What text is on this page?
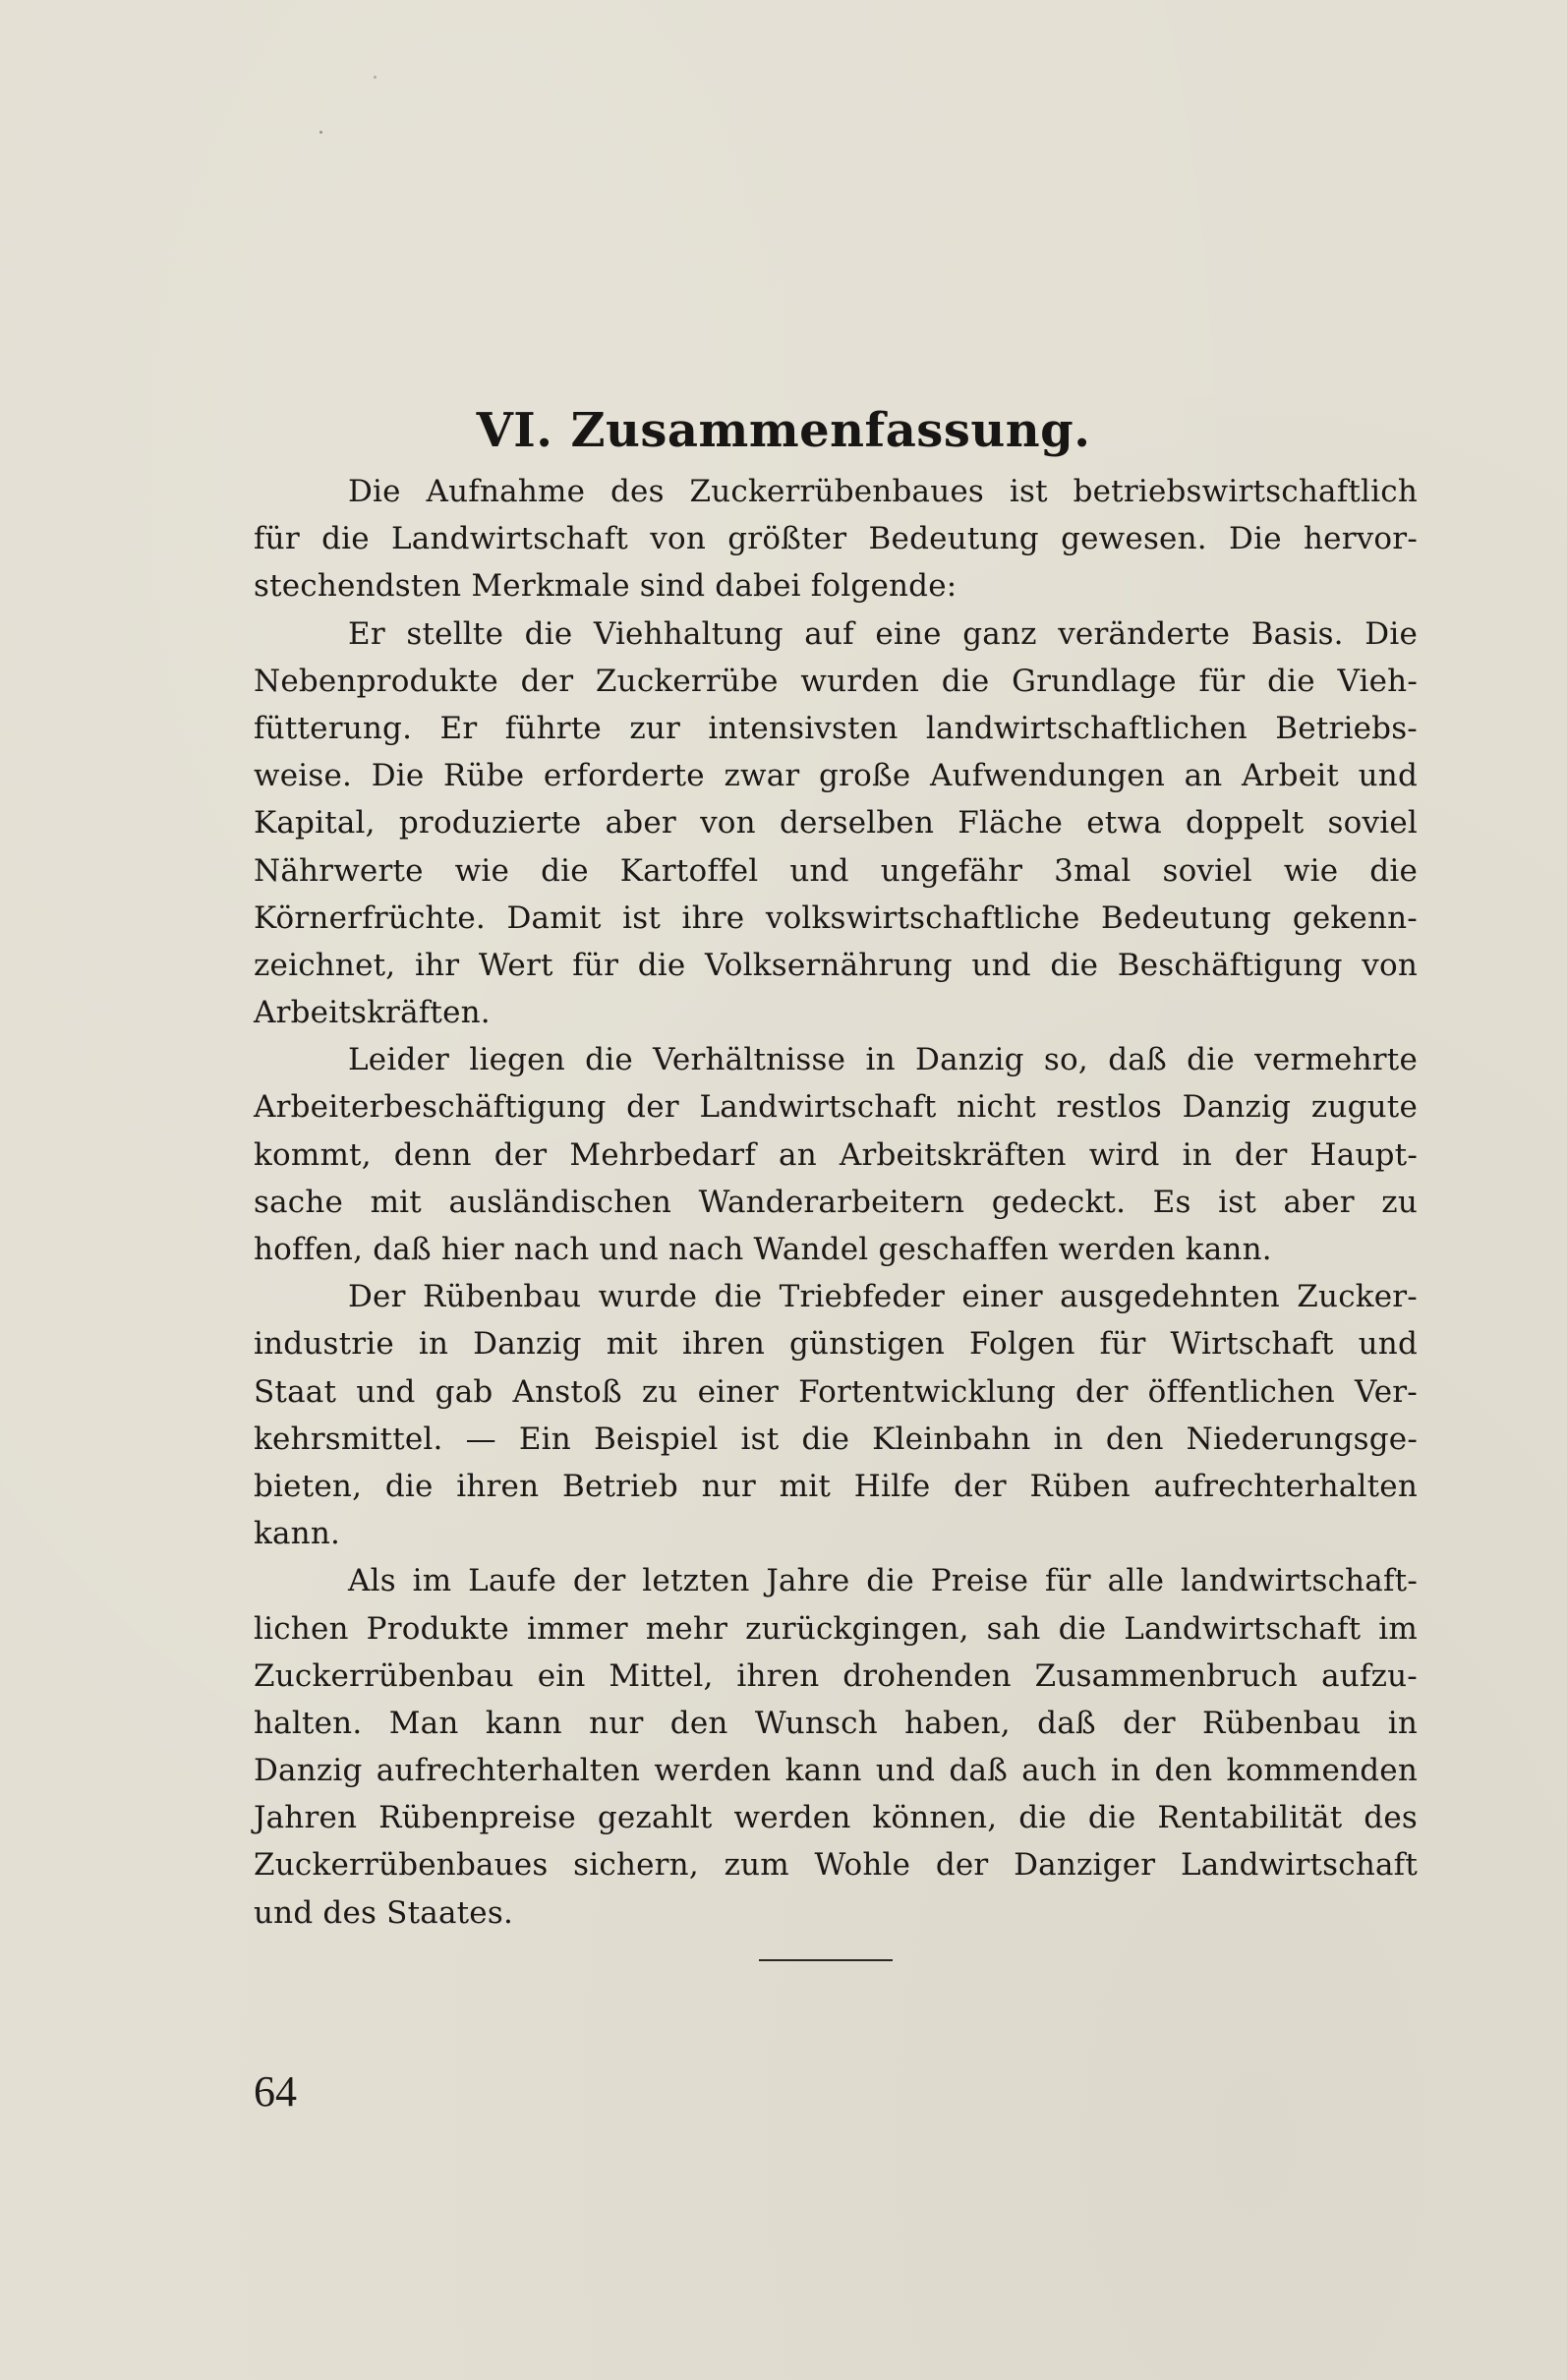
VI. Zusammenfassung.
Die Aufnahme des Zuckerrübenbaues ist betriebswirtschaftlich
für die Landwirtschaft von größter Bedeutung gewesen. Die hervor-
stechendsten Merkmale sind dabei folgende:
Er stellte die Viehhaltung auf eine ganz veränderte Basis. Die
Nebenprodukte der Zuckerrübe wurden die Grundlage für die Vieh-
fütterung. Er führte zur intensivsten landwirtschaftlichen Betriebs-
weise. Die Rübe erforderte zwar große Aufwendungen an Arbeit und
Kapital, produzierte aber von derselben Fläche etwa doppelt soviel
Nährwerte wie die Kartoffel und ungefähr 3mal soviel wie die
Körnerfrüchte. Damit ist ihre volkswirtschaftliche Bedeutung gekenn-
zeichnet, ihr Wert für die Volksernährung und die Beschäftigung von
Arbeitskräften.
Leider liegen die Verhältnisse in Danzig so, daß die vermehrte
Arbeiterbeschäftigung der Landwirtschaft nicht restlos Danzig zugute
kommt, denn der Mehrbedarf an Arbeitskräften wird in der Haupt-
sache mit ausländischen Wanderarbeitern gedeckt. Es ist aber zu
hoffen, daß hier nach und nach Wandel geschaffen werden kann.
Der Rübenbau wurde die Triebfeder einer ausgedehnten Zucker-
industrie in Danzig mit ihren günstigen Folgen für Wirtschaft und
Staat und gab Anstoß zu einer Fortentwicklung der öffentlichen Ver-
kehrsmittel. — Ein Beispiel ist die Kleinbahn in den Niederungsge-
bieten, die ihren Betrieb nur mit Hilfe der Rüben aufrechterhalten
kann.
Als im Laufe der letzten Jahre die Preise für alle landwirtschaft-
lichen Produkte immer mehr zurückgingen, sah die Landwirtschaft im
Zuckerrübenbau ein Mittel, ihren drohenden Zusammenbruch aufzu-
halten. Man kann nur den Wunsch haben, daß der Rübenbau in
Danzig aufrechterhalten werden kann und daß auch in den kommenden
Jahren Rübenpreise gezahlt werden können, die die Rentabilität des
Zuckerrübenbaues sichern, zum Wohle der Danziger Landwirtschaft
und des Staates.
64
